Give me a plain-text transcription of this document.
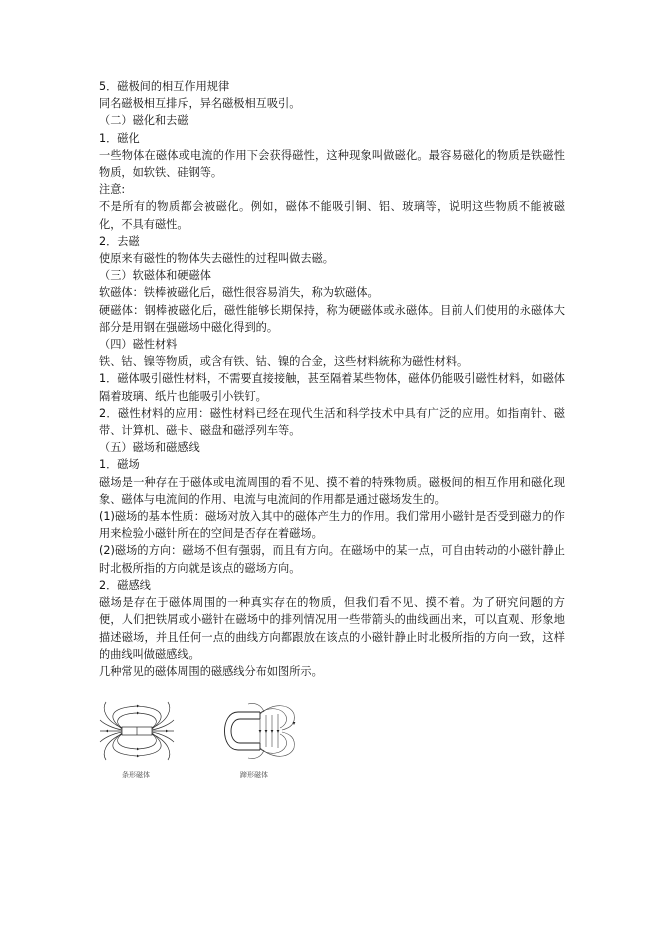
5．磁极间的相互作用规律
同名磁极相互排斥，异名磁极相互吸引。
（二）磁化和去磁
1．磁化
一些物体在磁体或电流的作用下会获得磁性，这种现象叫做磁化。最容易磁化的物质是铁磁性物质，如软铁、硅钢等。
注意:
不是所有的物质都会被磁化。例如，磁体不能吸引铜、铝、玻璃等，说明这些物质不能被磁化，不具有磁性。
2．去磁
使原来有磁性的物体失去磁性的过程叫做去磁。
（三）软磁体和硬磁体
软磁体：铁棒被磁化后，磁性很容易消失，称为软磁体。
硬磁体：钢棒被磁化后，磁性能够长期保持，称为硬磁体或永磁体。目前人们使用的永磁体大部分是用钢在强磁场中磁化得到的。
（四）磁性材料
铁、钴、镍等物质，或含有铁、钴、镍的合金，这些材料統称为磁性材料。
1．磁体吸引磁性材料，不需要直接接触，甚至隔着某些物体，磁体仍能吸引磁性材料，如磁体隔着玻璃、纸片也能吸引小铁钉。
2．磁性材料的应用：磁性材料已经在现代生活和科学技术中具有广泛的应用。如指南针、磁带、计算机、磁卡、磁盘和磁浮列车等。
（五）磁场和磁感线
1．磁场
磁场是一种存在于磁体或电流周围的看不见、摸不着的特殊物质。磁极间的相互作用和磁化现象、磁体与电流间的作用、电流与电流间的作用都是通过磁场发生的。
(1)磁场的基本性质：磁场对放入其中的磁体产生力的作用。我们常用小磁针是否受到磁力的作用来检验小磁针所在的空间是否存在着磁场。
(2)磁场的方向：磁场不但有强弱，而且有方向。在磁场中的某一点，可自由转动的小磁针静止时北极所指的方向就是该点的磁场方向。
2．磁感线
磁场是存在于磁体周围的一种真实存在的物质，但我们看不见、摸不着。为了研究问题的方便，人们把铁屑或小磁针在磁场中的排列情况用一些带箭头的曲线画出来，可以直观、形象地描述磁场，并且任何一点的曲线方向都跟放在该点的小磁针静止时北极所指的方向一致，这样的曲线叫做磁感线。
几种常见的磁体周围的磁感线分布如图所示。
条形磁体	蹄形磁体
